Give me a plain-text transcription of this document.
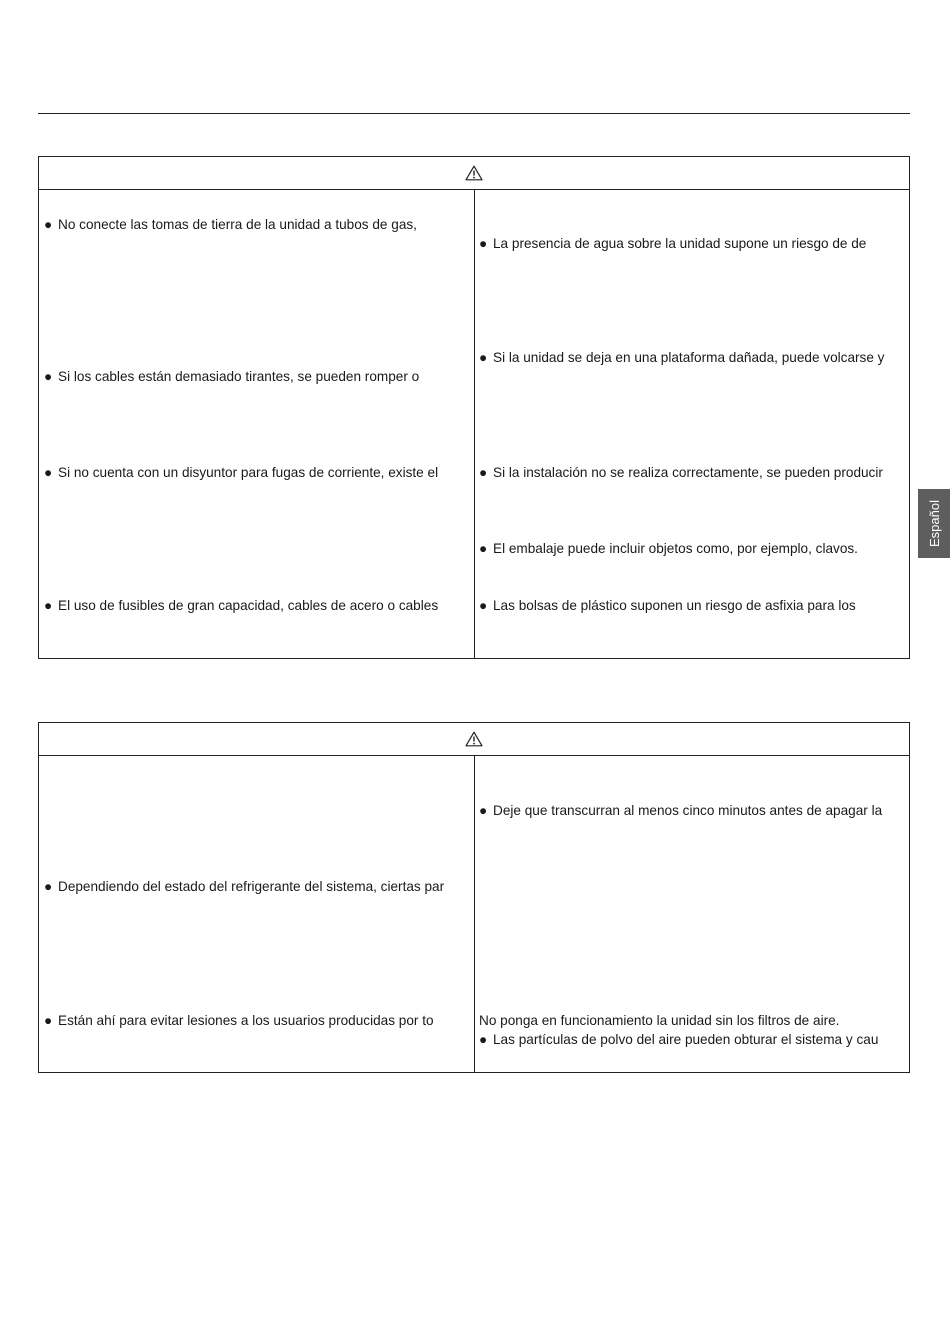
● No conecte las tomas de tierra de la unidad a tubos de gas,
● Si los cables están demasiado tirantes, se pueden romper o
● Si no cuenta con un disyuntor para fugas de corriente, existe el
● El uso de fusibles de gran capacidad, cables de acero o cables
● La presencia de agua sobre la unidad supone un riesgo de de
● Si la unidad se deja en una plataforma dañada, puede volcarse y
● Si la instalación no se realiza correctamente, se pueden producir
● El embalaje puede incluir objetos como, por ejemplo, clavos.
● Las bolsas de plástico suponen un riesgo de asfixia para los
● Dependiendo del estado del refrigerante del sistema, ciertas par
● Están ahí para evitar lesiones a los usuarios producidas por to
● Deje que transcurran al menos cinco minutos antes de apagar la
No ponga en funcionamiento la unidad sin los filtros de aire.
● Las partículas de polvo del aire pueden obturar el sistema y cau
Español
